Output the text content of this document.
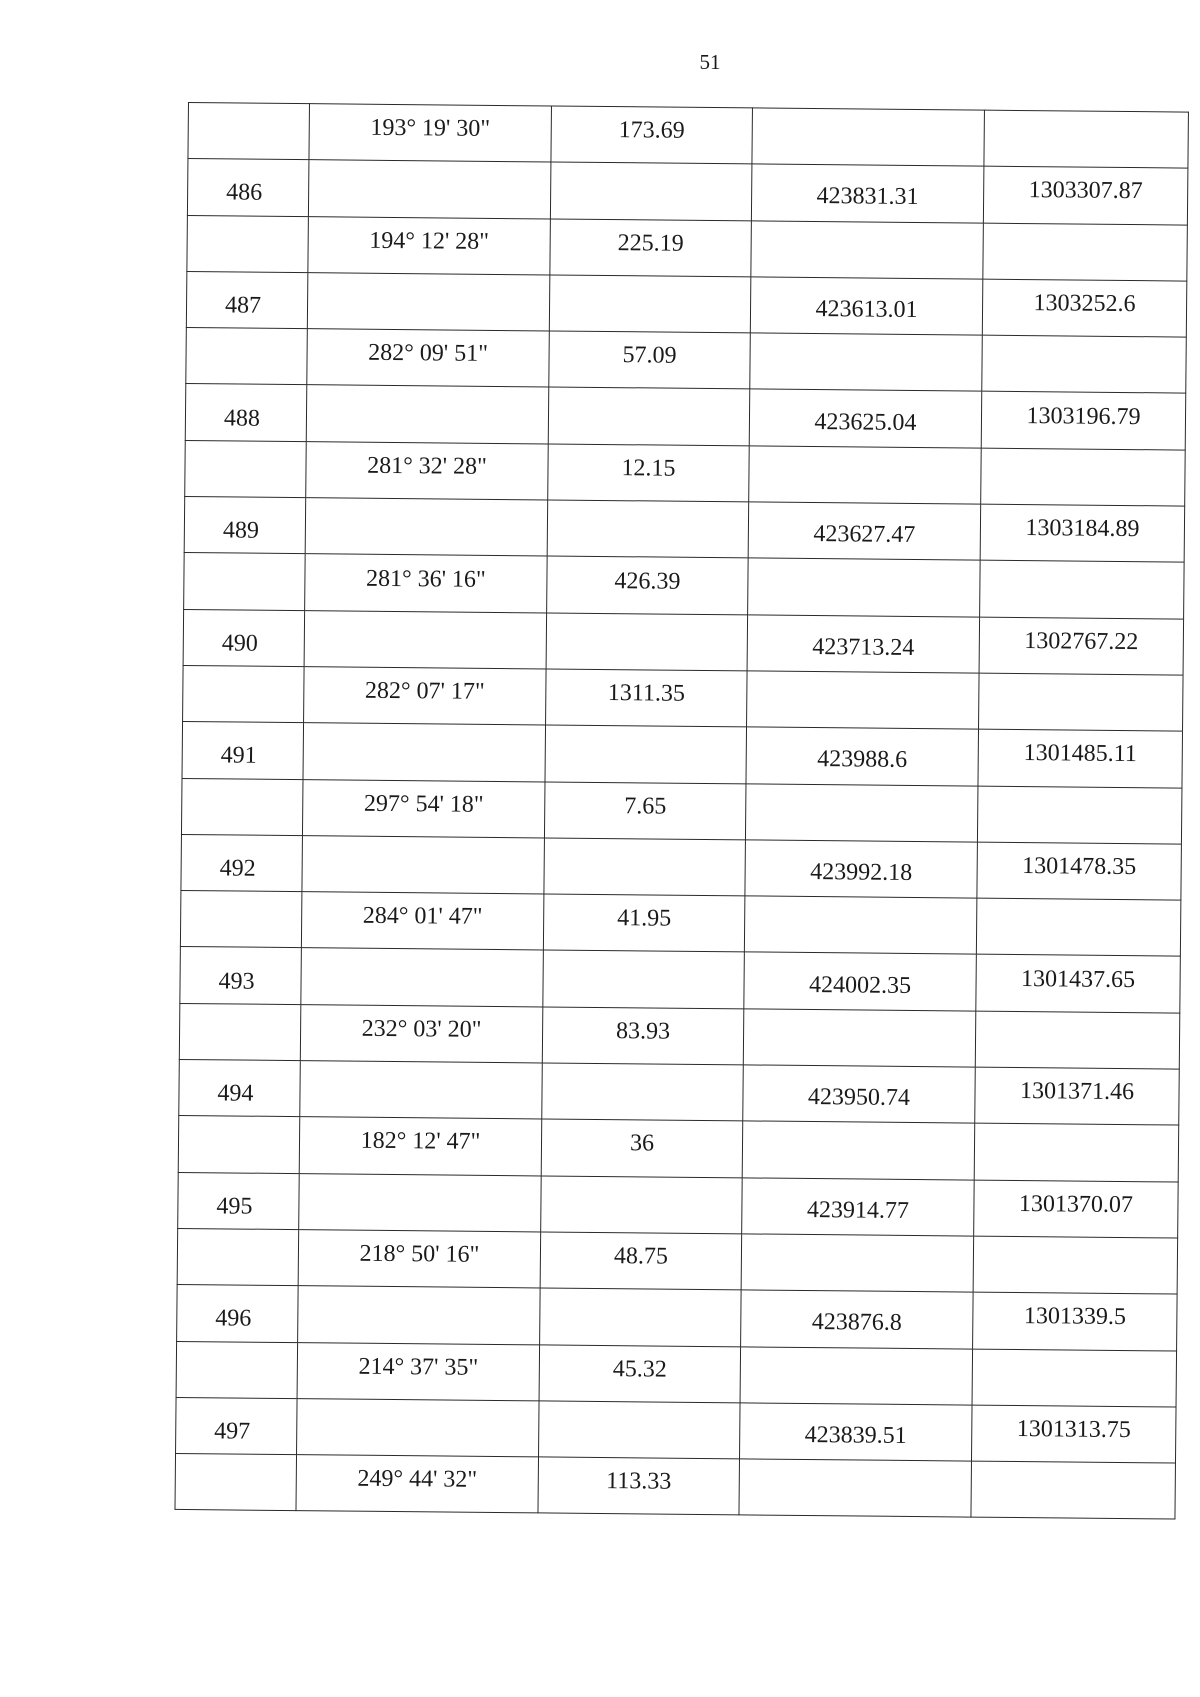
51
	193° 19' 30"	173.69		
486			423831.31	1303307.87
	194° 12' 28"	225.19		
487			423613.01	1303252.6
	282° 09' 51"	57.09		
488			423625.04	1303196.79
	281° 32' 28"	12.15		
489			423627.47	1303184.89
	281° 36' 16"	426.39		
490			423713.24	1302767.22
	282° 07' 17"	1311.35		
491			423988.6	1301485.11
	297° 54' 18"	7.65		
492			423992.18	1301478.35
	284° 01' 47"	41.95		
493			424002.35	1301437.65
	232° 03' 20"	83.93		
494			423950.74	1301371.46
	182° 12' 47"	36		
495			423914.77	1301370.07
	218° 50' 16"	48.75		
496			423876.8	1301339.5
	214° 37' 35"	45.32		
497			423839.51	1301313.75
	249° 44' 32"	113.33		
